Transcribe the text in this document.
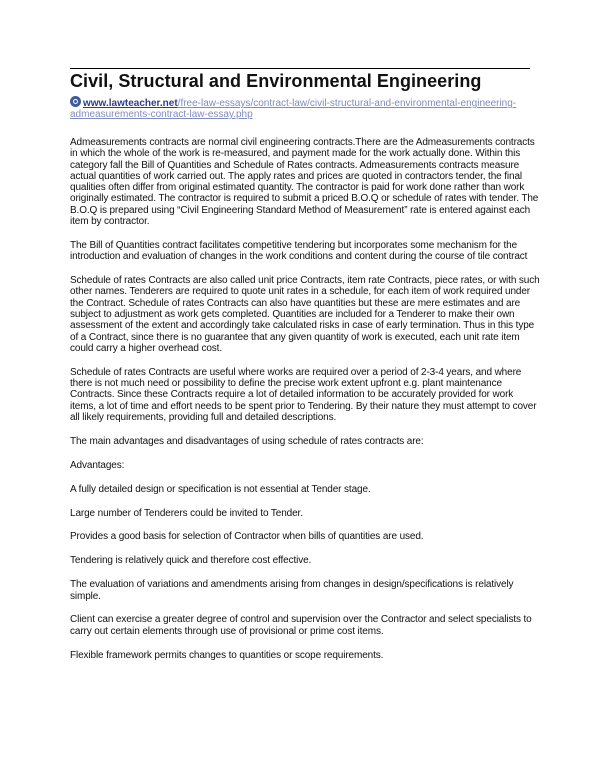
Civil, Structural and Environmental Engineering
www.lawteacher.net/free-law-essays/contract-law/civil-structural-and-environmental-engineering-admeasurements-contract-law-essay.php

Admeasurements contracts are normal civil engineering contracts.There are the Admeasurements contracts in which the whole of the work is re-measured, and payment made for the work actually done. Within this category fall the Bill of Quantities and Schedule of Rates contracts. Admeasurements contracts measure actual quantities of work carried out. The apply rates and prices are quoted in contractors tender, the final qualities often differ from original estimated quantity. The contractor is paid for work done rather than work originally estimated. The contractor is required to submit a priced B.O.Q or schedule of rates with tender. The B.O.Q is prepared using “Civil Engineering Standard Method of Measurement” rate is entered against each item by contractor.

The Bill of Quantities contract facilitates competitive tendering but incorporates some mechanism for the introduction and evaluation of changes in the work conditions and content during the course of tile contract

Schedule of rates Contracts are also called unit price Contracts, item rate Contracts, piece rates, or with such other names. Tenderers are required to quote unit rates in a schedule, for each item of work required under the Contract. Schedule of rates Contracts can also have quantities but these are mere estimates and are subject to adjustment as work gets completed. Quantities are included for a Tenderer to make their own assessment of the extent and accordingly take calculated risks in case of early termination. Thus in this type of a Contract, since there is no guarantee that any given quantity of work is executed, each unit rate item could carry a higher overhead cost.

Schedule of rates Contracts are useful where works are required over a period of 2-3-4 years, and where there is not much need or possibility to define the precise work extent upfront e.g. plant maintenance Contracts. Since these Contracts require a lot of detailed information to be accurately provided for work items, a lot of time and effort needs to be spent prior to Tendering. By their nature they must attempt to cover all likely requirements, providing full and detailed descriptions.

The main advantages and disadvantages of using schedule of rates contracts are:

Advantages:

A fully detailed design or specification is not essential at Tender stage.

Large number of Tenderers could be invited to Tender.

Provides a good basis for selection of Contractor when bills of quantities are used.

Tendering is relatively quick and therefore cost effective.

The evaluation of variations and amendments arising from changes in design/specifications is relatively simple.

Client can exercise a greater degree of control and supervision over the Contractor and select specialists to carry out certain elements through use of provisional or prime cost items.

Flexible framework permits changes to quantities or scope requirements.
